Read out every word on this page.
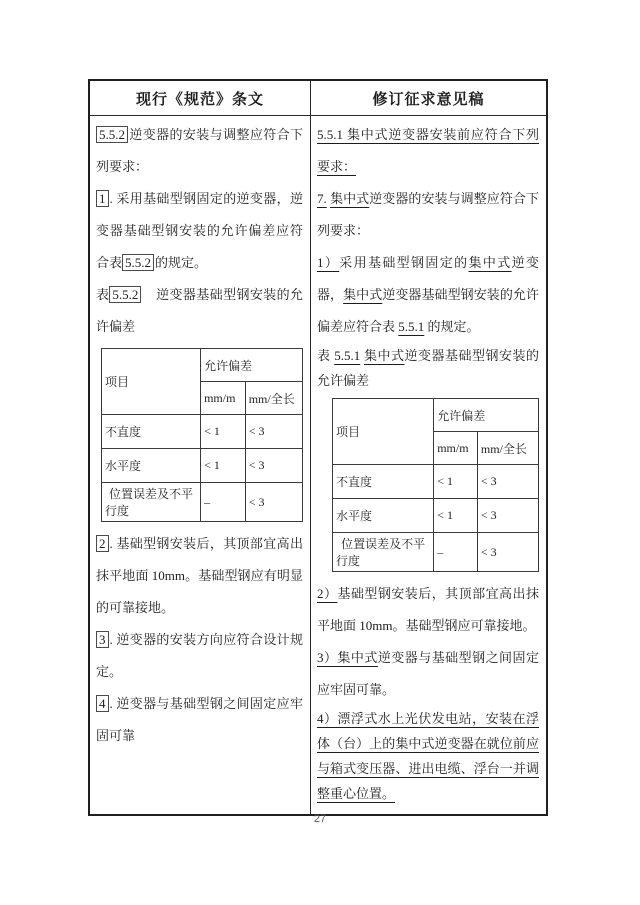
现行《规范》条文	修订征求意见稿
5.5.2 逆变器的安装与调整应符合下列要求：
1 . 采用基础型钢固定的逆变器，逆变器基础型钢安装的允许偏差应符合表 5.5.2 的规定。
表 5.5.2　逆变器基础型钢安装的允许偏差
项目	允许偏差	
	mm/m	mm/全长
不直度	< 1	< 3
水平度	< 1	< 3
位置误差及不平行度	–	< 3
2 . 基础型钢安装后，其顶部宜高出抹平地面 10mm。基础型钢应有明显的可靠接地。
3 . 逆变器的安装方向应符合设计规定。
4 . 逆变器与基础型钢之间固定应牢固可靠
5.5.1 集中式逆变器安装前应符合下列要求：
7. 集中式逆变器的安装与调整应符合下列要求：
1）采用基础型钢固定的集中式逆变器，集中式逆变器基础型钢安装的允许偏差应符合表 5.5.1 的规定。
表 5.5.1 集中式逆变器基础型钢安装的允许偏差
项目	允许偏差	
	mm/m	mm/全长
不直度	< 1	< 3
水平度	< 1	< 3
位置误差及不平行度	–	< 3
2）基础型钢安装后，其顶部宜高出抹平地面 10mm。基础型钢应可靠接地。
3）集中式逆变器与基础型钢之间固定应牢固可靠。
4）漂浮式水上光伏发电站，安装在浮体（台）上的集中式逆变器在就位前应与箱式变压器、进出电缆、浮台一并调整重心位置。
27
